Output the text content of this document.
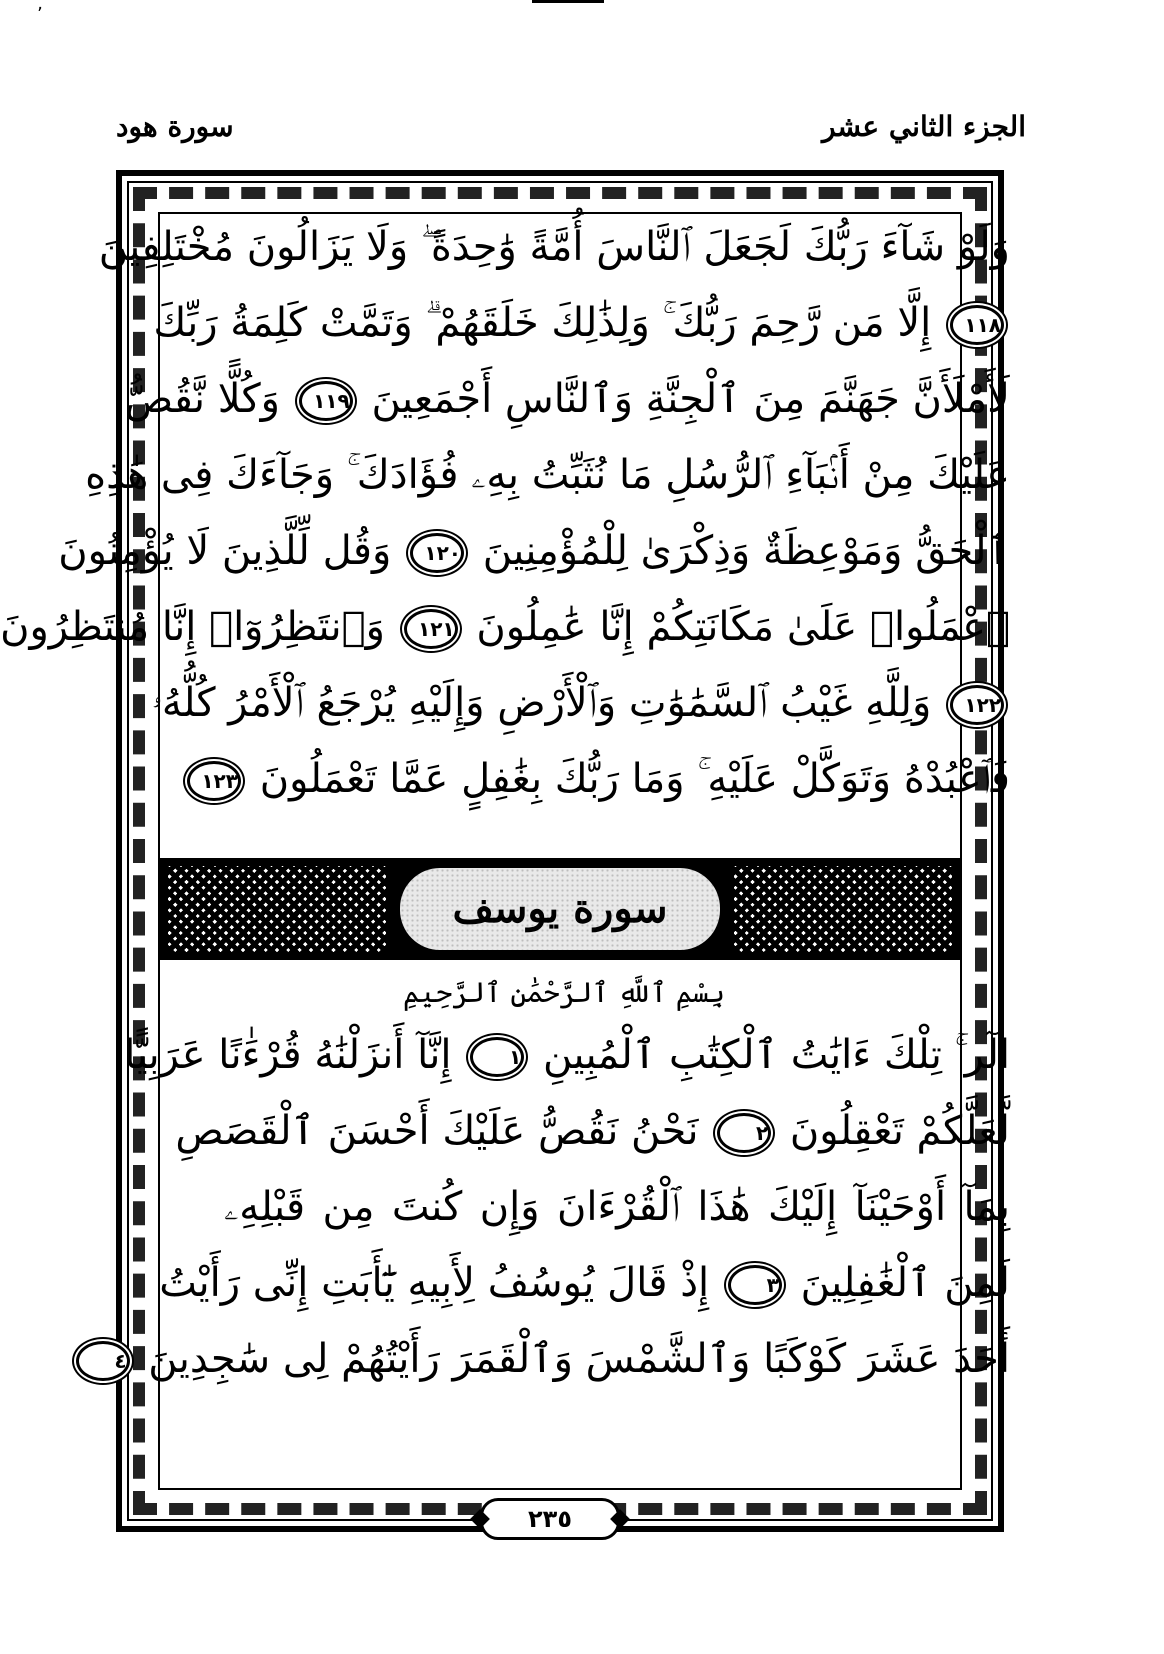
ʼ
الجزء الثاني عشر
سورة هود
وَلَوْ شَآءَ رَبُّكَ لَجَعَلَ ٱلنَّاسَ أُمَّةً وَٰحِدَةً ۖ وَلَا يَزَالُونَ مُخْتَلِفِينَ
١١٨ إِلَّا مَن رَّحِمَ رَبُّكَ ۚ وَلِذَٰلِكَ خَلَقَهُمْ ۗ وَتَمَّتْ كَلِمَةُ رَبِّكَ
لَأَمْلَأَنَّ جَهَنَّمَ مِنَ ٱلْجِنَّةِ وَٱلنَّاسِ أَجْمَعِينَ ١١٩ وَكُلًّا نَّقُصُّ
عَلَيْكَ مِنْ أَنۢبَآءِ ٱلرُّسُلِ مَا نُثَبِّتُ بِهِۦ فُؤَادَكَ ۚ وَجَآءَكَ فِى هَٰذِهِ
ٱلْحَقُّ وَمَوْعِظَةٌ وَذِكْرَىٰ لِلْمُؤْمِنِينَ ١٢٠ وَقُل لِّلَّذِينَ لَا يُؤْمِنُونَ
ٱعْمَلُوا۟ عَلَىٰ مَكَانَتِكُمْ إِنَّا عَٰمِلُونَ ١٢١ وَٱنتَظِرُوٓا۟ إِنَّا مُنتَظِرُونَ
١٢٢ وَلِلَّهِ غَيْبُ ٱلسَّمَٰوَٰتِ وَٱلْأَرْضِ وَإِلَيْهِ يُرْجَعُ ٱلْأَمْرُ كُلُّهُۥ
فَٱعْبُدْهُ وَتَوَكَّلْ عَلَيْهِ ۚ وَمَا رَبُّكَ بِغَٰفِلٍ عَمَّا تَعْمَلُونَ ١٢٣
سورة يوسف
بِسْمِ ٱللَّهِ ٱلرَّحْمَٰنِ ٱلرَّحِيمِ
الٓر ۚ تِلْكَ ءَايَٰتُ ٱلْكِتَٰبِ ٱلْمُبِينِ ١ إِنَّآ أَنزَلْنَٰهُ قُرْءَٰنًا عَرَبِيًّا
لَّعَلَّكُمْ تَعْقِلُونَ ٢ نَحْنُ نَقُصُّ عَلَيْكَ أَحْسَنَ ٱلْقَصَصِ
بِمَآ أَوْحَيْنَآ إِلَيْكَ هَٰذَا ٱلْقُرْءَانَ وَإِن كُنتَ مِن قَبْلِهِۦ
لَمِنَ ٱلْغَٰفِلِينَ ٣ إِذْ قَالَ يُوسُفُ لِأَبِيهِ يَٰٓأَبَتِ إِنِّى رَأَيْتُ
أَحَدَ عَشَرَ كَوْكَبًا وَٱلشَّمْسَ وَٱلْقَمَرَ رَأَيْتُهُمْ لِى سَٰجِدِينَ ٤
٢٣٥
